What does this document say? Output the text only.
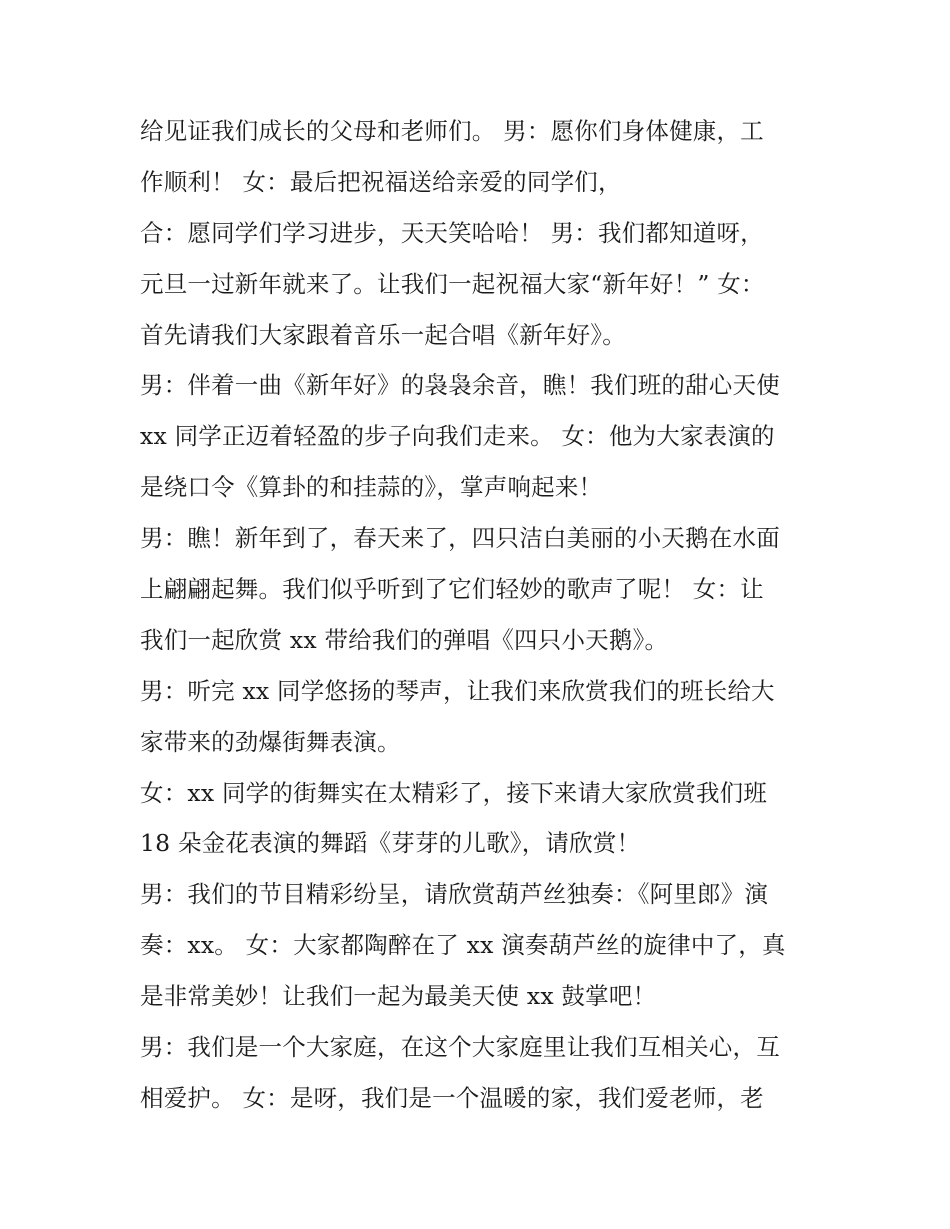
给见证我们成长的父母和老师们。 男：愿你们身体健康，工
作顺利！ 女：最后把祝福送给亲爱的同学们，
合：愿同学们学习进步，天天笑哈哈！ 男：我们都知道呀，
元旦一过新年就来了。让我们一起祝福大家“新年好！” 女：
首先请我们大家跟着音乐一起合唱《新年好》。
男：伴着一曲《新年好》的袅袅余音，瞧！我们班的甜心天使
xx 同学正迈着轻盈的步子向我们走来。 女：他为大家表演的
是绕口令《算卦的和挂蒜的》，掌声响起来！
男：瞧！新年到了，春天来了，四只洁白美丽的小天鹅在水面
上翩翩起舞。我们似乎听到了它们轻妙的歌声了呢！ 女：让
我们一起欣赏 xx 带给我们的弹唱《四只小天鹅》。
男：听完 xx 同学悠扬的琴声，让我们来欣赏我们的班长给大
家带来的劲爆街舞表演。
女：xx 同学的街舞实在太精彩了，接下来请大家欣赏我们班
18 朵金花表演的舞蹈《芽芽的儿歌》，请欣赏！
男：我们的节目精彩纷呈，请欣赏葫芦丝独奏：《阿里郎》演
奏：xx。 女：大家都陶醉在了 xx 演奏葫芦丝的旋律中了，真
是非常美妙！让我们一起为最美天使 xx 鼓掌吧！
男：我们是一个大家庭，在这个大家庭里让我们互相关心，互
相爱护。 女：是呀，我们是一个温暖的家，我们爱老师，老
